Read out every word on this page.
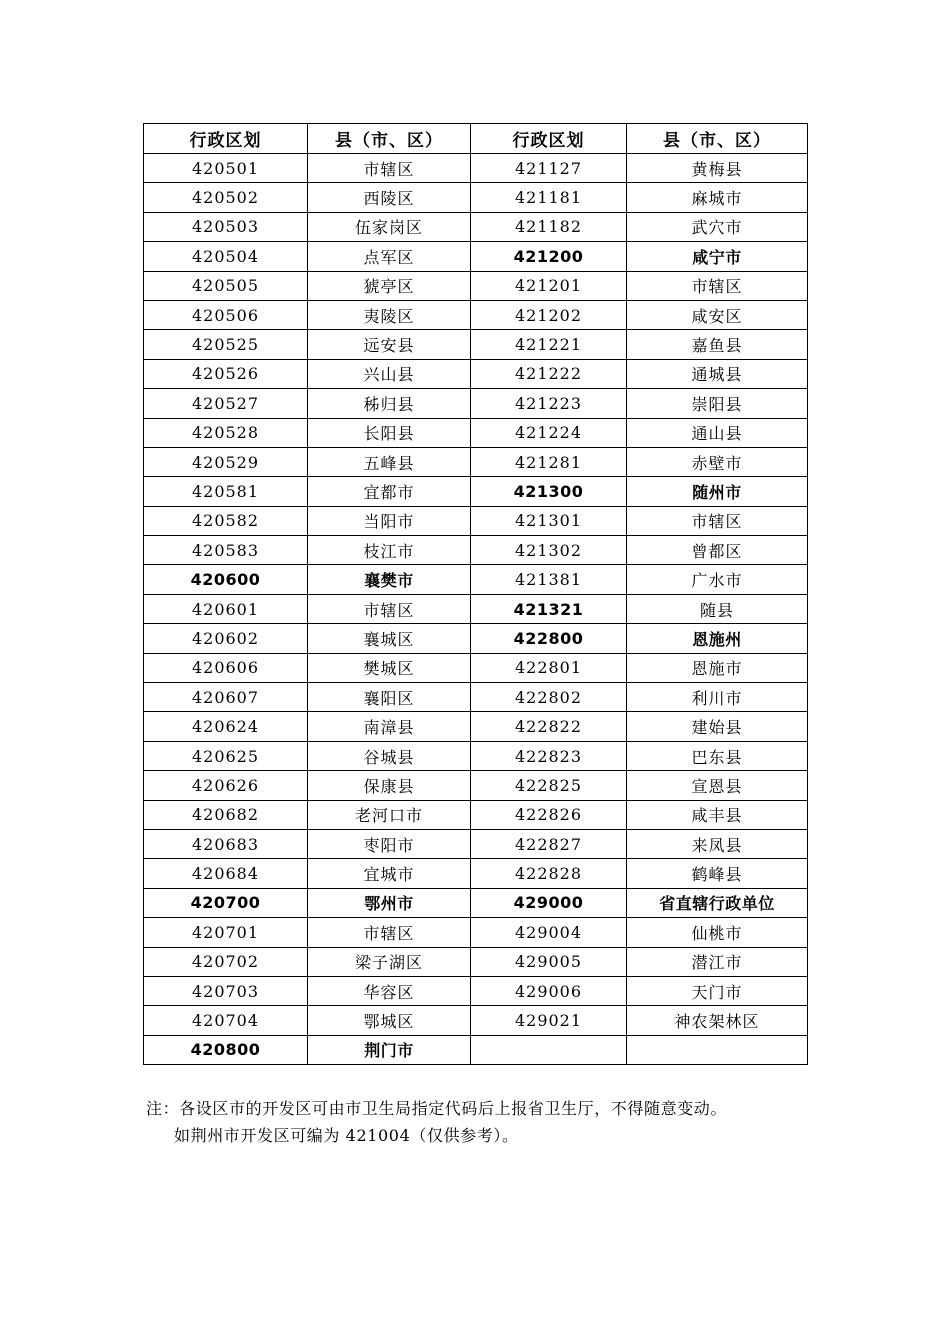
行政区划	县（市、区）	行政区划	县（市、区）
420501	市辖区	421127	黄梅县
420502	西陵区	421181	麻城市
420503	伍家岗区	421182	武穴市
420504	点军区	421200	咸宁市
420505	猇亭区	421201	市辖区
420506	夷陵区	421202	咸安区
420525	远安县	421221	嘉鱼县
420526	兴山县	421222	通城县
420527	秭归县	421223	崇阳县
420528	长阳县	421224	通山县
420529	五峰县	421281	赤壁市
420581	宜都市	421300	随州市
420582	当阳市	421301	市辖区
420583	枝江市	421302	曾都区
420600	襄樊市	421381	广水市
420601	市辖区	421321	随县
420602	襄城区	422800	恩施州
420606	樊城区	422801	恩施市
420607	襄阳区	422802	利川市
420624	南漳县	422822	建始县
420625	谷城县	422823	巴东县
420626	保康县	422825	宣恩县
420682	老河口市	422826	咸丰县
420683	枣阳市	422827	来凤县
420684	宜城市	422828	鹤峰县
420700	鄂州市	429000	省直辖行政单位
420701	市辖区	429004	仙桃市
420702	梁子湖区	429005	潜江市
420703	华容区	429006	天门市
420704	鄂城区	429021	神农架林区
420800	荆门市		
注：各设区市的开发区可由市卫生局指定代码后上报省卫生厅，不得随意变动。
如荆州市开发区可编为 421004（仅供参考）。
